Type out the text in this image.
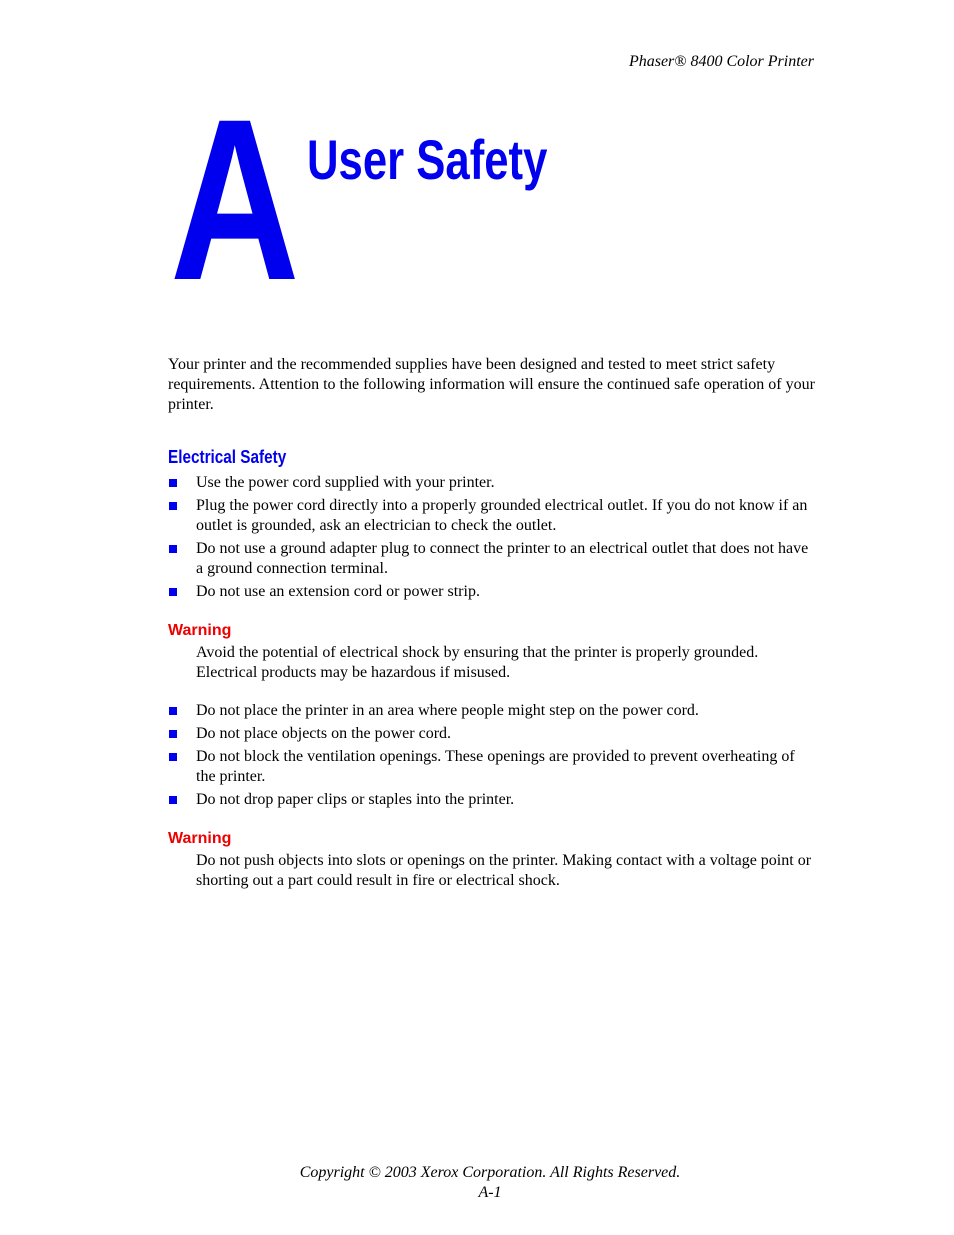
Phaser® 8400 Color Printer
A User Safety

Your printer and the recommended supplies have been designed and tested to meet strict safety requirements. Attention to the following information will ensure the continued safe operation of your printer.

Electrical Safety
Use the power cord supplied with your printer.
Plug the power cord directly into a properly grounded electrical outlet. If you do not know if an outlet is grounded, ask an electrician to check the outlet.
Do not use a ground adapter plug to connect the printer to an electrical outlet that does not have a ground connection terminal.
Do not use an extension cord or power strip.
Warning

Avoid the potential of electrical shock by ensuring that the printer is properly grounded. Electrical products may be hazardous if misused.

Do not place the printer in an area where people might step on the power cord.
Do not place objects on the power cord.
Do not block the ventilation openings. These openings are provided to prevent overheating of the printer.
Do not drop paper clips or staples into the printer.
Warning

Do not push objects into slots or openings on the printer. Making contact with a voltage point or shorting out a part could result in fire or electrical shock.

Copyright © 2003 Xerox Corporation. All Rights Reserved.
A-1
